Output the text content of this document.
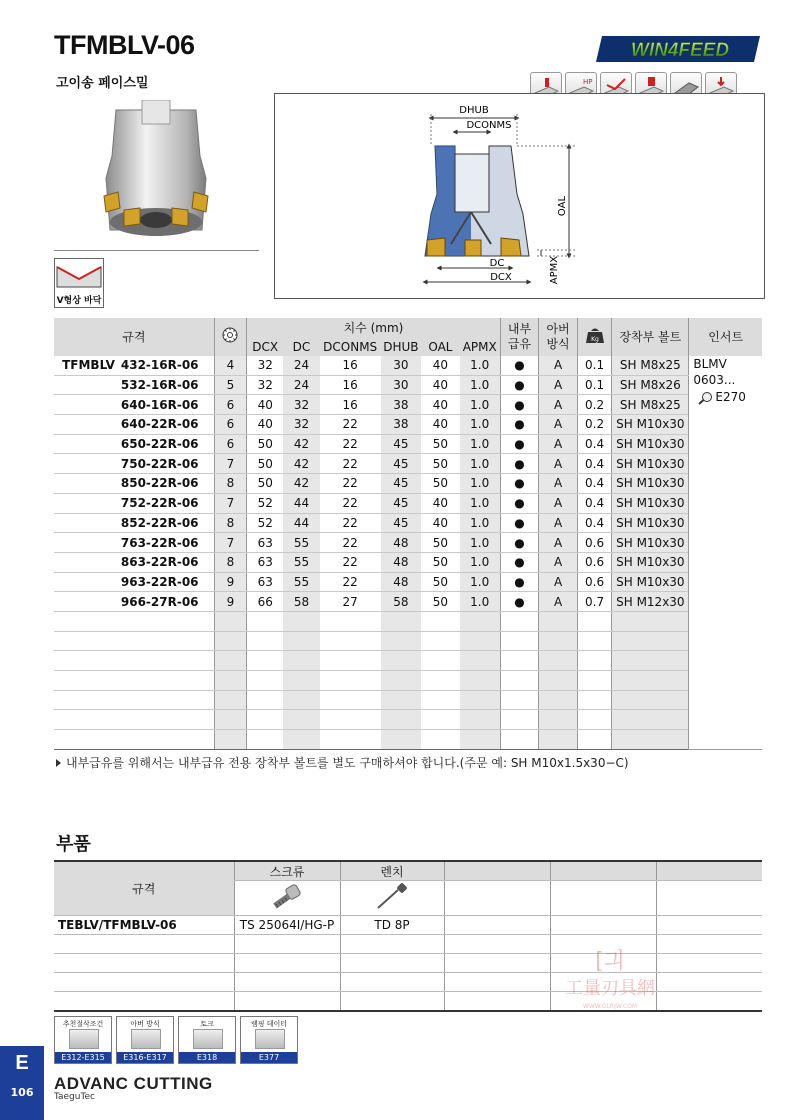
TFMBLV-06
고이송 페이스밀
WIN4FEED
HP
V형상 바닥
DHUB
DCONMS
OAL
DC
DCX	APMX
규격			치수 (mm)						내부 급유	아버 방식	Kg	장착부 볼트	인서트
			DCX	DC	DCONMS	DHUB	OAL	APMX					
TFMBLV	432-16R-06	4	32	24	16	30	40	1.0	●	A	0.1	SH M8x25	BLMV
0603...
E270

	532-16R-06	5	32	24	16	30	40	1.0	●	A	0.1	SH M8x26	
	640-16R-06	6	40	32	16	38	40	1.0	●	A	0.2	SH M8x25	
	640-22R-06	6	40	32	22	38	40	1.0	●	A	0.2	SH M10x30	
	650-22R-06	6	50	42	22	45	50	1.0	●	A	0.4	SH M10x30	
	750-22R-06	7	50	42	22	45	50	1.0	●	A	0.4	SH M10x30	
	850-22R-06	8	50	42	22	45	50	1.0	●	A	0.4	SH M10x30	
	752-22R-06	7	52	44	22	45	40	1.0	●	A	0.4	SH M10x30	
	852-22R-06	8	52	44	22	45	40	1.0	●	A	0.4	SH M10x30	
	763-22R-06	7	63	55	22	48	50	1.0	●	A	0.6	SH M10x30	
	863-22R-06	8	63	55	22	48	50	1.0	●	A	0.6	SH M10x30	
	963-22R-06	9	63	55	22	48	50	1.0	●	A	0.6	SH M10x30	
	966-27R-06	9	66	58	27	58	50	1.0	●	A	0.7	SH M12x30	

내부급유를 위해서는 내부급유 전용 장착부 볼트를 별도 구매하셔야 합니다.(주문 예: SH M10x1.5x30−C)
부품
규격	스크류	렌치			

TEBLV/TFMBLV-06	TS 25064I/HG-P	TD 8P			

[긔
工量刃具網
WWW.GLRJW.COM
추천절삭조건
E312-E315
아버 방식
E316-E317
토크
E318
램핑 데이터
E377
E
106	ADVANC CUTTING
TaeguTec
